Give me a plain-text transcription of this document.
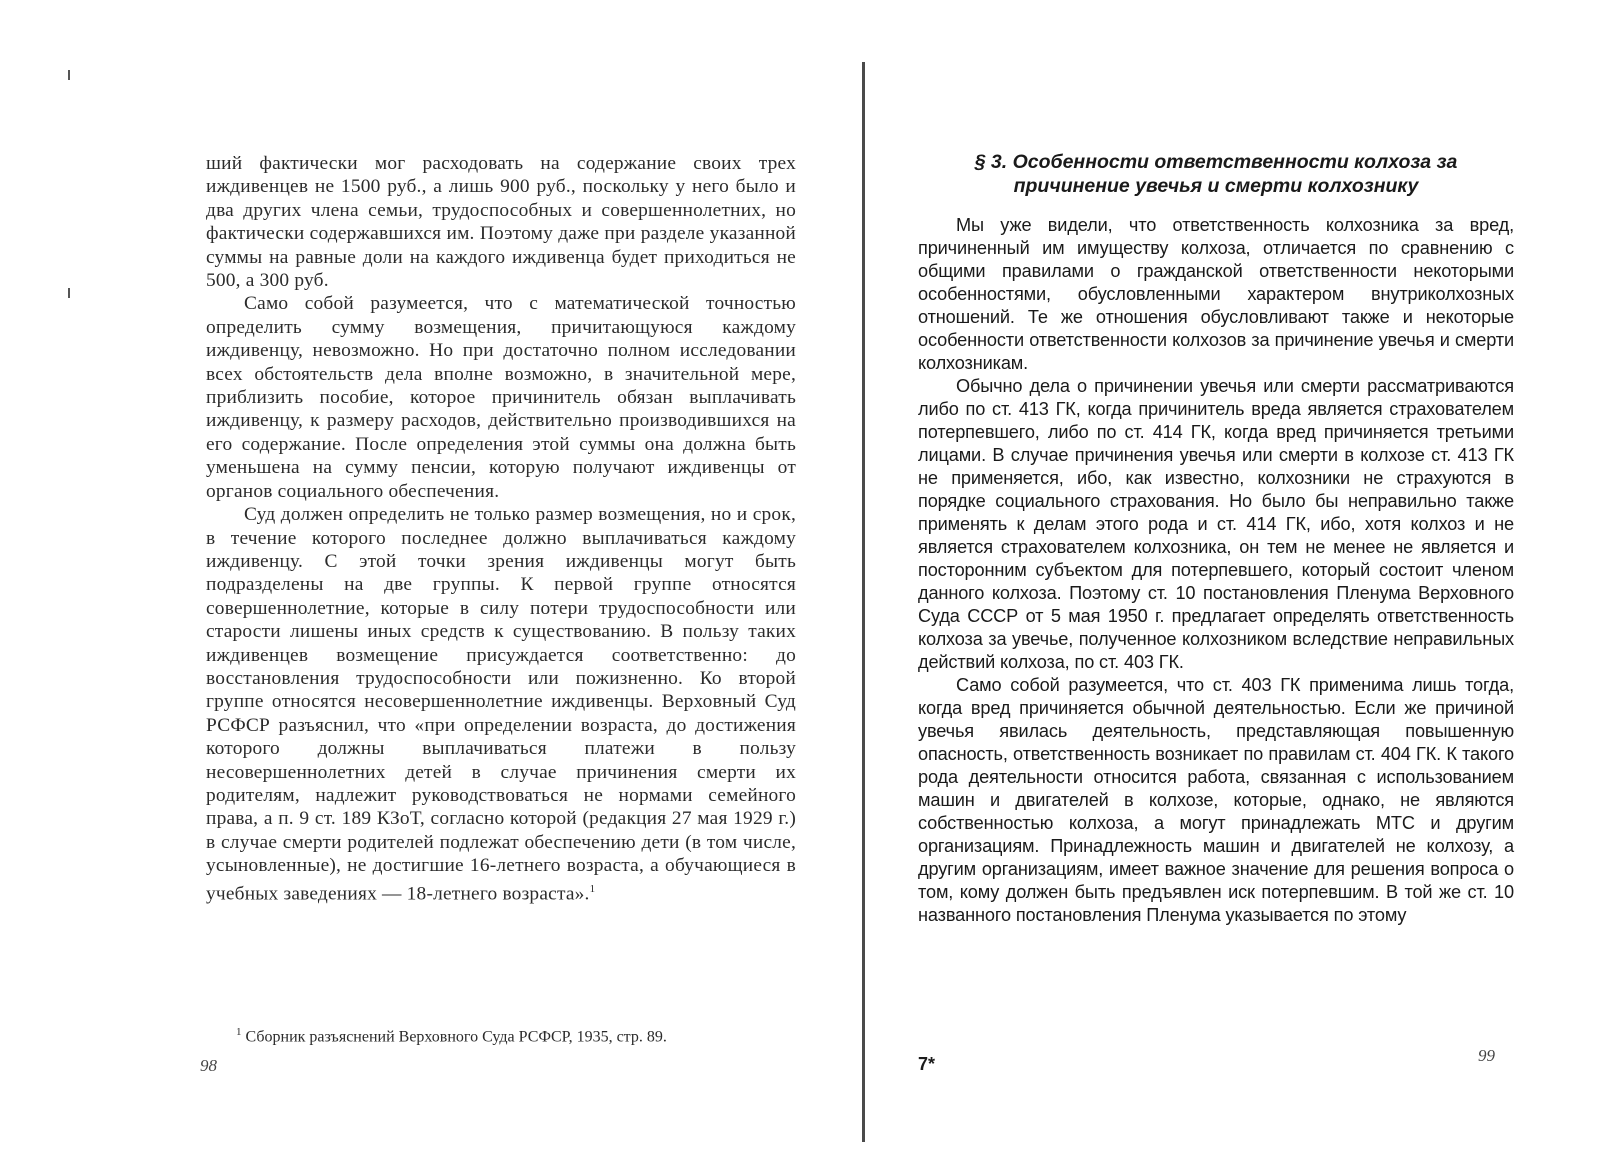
ший фактически мог расходовать на содержание своих трех иждивенцев не 1500 руб., а лишь 900 руб., поскольку у него было и два других члена семьи, трудоспособных и совершеннолетних, но фактически содержавшихся им. Поэтому даже при разделе указанной суммы на равные доли на каждого иждивенца будет приходиться не 500, а 300 руб.

Само собой разумеется, что с математической точностью определить сумму возмещения, причитающуюся каждому иждивенцу, невозможно. Но при достаточно полном исследовании всех обстоятельств дела вполне возможно, в значительной мере, приблизить пособие, которое причинитель обязан выплачивать иждивенцу, к размеру расходов, действительно производившихся на его содержание. После определения этой суммы она должна быть уменьшена на сумму пенсии, которую получают иждивенцы от органов социального обеспечения.

Суд должен определить не только размер возмещения, но и срок, в течение которого последнее должно выплачиваться каждому иждивенцу. С этой точки зрения иждивенцы могут быть подразделены на две группы. К первой группе относятся совершеннолетние, которые в силу потери трудоспособности или старости лишены иных средств к существованию. В пользу таких иждивенцев возмещение присуждается соответственно: до восстановления трудоспособности или пожизненно. Ко второй группе относятся несовершеннолетние иждивенцы. Верховный Суд РСФСР разъяснил, что «при определении возраста, до достижения которого должны выплачиваться платежи в пользу несовершеннолетних детей в случае причинения смерти их родителям, надлежит руководствоваться не нормами семейного права, а п. 9 ст. 189 КЗоТ, согласно которой (редакция 27 мая 1929 г.) в случае смерти родителей подлежат обеспечению дети (в том числе, усыновленные), не достигшие 16-летнего возраста, а обучающиеся в учебных заведениях — 18-летнего возраста».$^1$

$^1$ Сборник разъяснений Верховного Суда РСФСР, 1935, стр. 89.
98
§ 3. Особенности ответственности колхоза за причинение увечья и смерти колхознику

Мы уже видели, что ответственность колхозника за вред, причиненный им имуществу колхоза, отличается по сравнению с общими правилами о гражданской ответственности некоторыми особенностями, обусловленными характером внутриколхозных отношений. Те же отношения обусловливают также и некоторые особенности ответственности колхозов за причинение увечья и смерти колхозникам.

Обычно дела о причинении увечья или смерти рассматриваются либо по ст. 413 ГК, когда причинитель вреда является страхователем потерпевшего, либо по ст. 414 ГК, когда вред причиняется третьими лицами. В случае причинения увечья или смерти в колхозе ст. 413 ГК не применяется, ибо, как известно, колхозники не страхуются в порядке социального страхования. Но было бы неправильно также применять к делам этого рода и ст. 414 ГК, ибо, хотя колхоз и не является страхователем колхозника, он тем не менее не является и посторонним субъектом для потерпевшего, который состоит членом данного колхоза. Поэтому ст. 10 постановления Пленума Верховного Суда СССР от 5 мая 1950 г. предлагает определять ответственность колхоза за увечье, полученное колхозником вследствие неправильных действий колхоза, по ст. 403 ГК.

Само собой разумеется, что ст. 403 ГК применима лишь тогда, когда вред причиняется обычной деятельностью. Если же причиной увечья явилась деятельность, представляющая повышенную опасность, ответственность возникает по правилам ст. 404 ГК. К такого рода деятельности относится работа, связанная с использованием машин и двигателей в колхозе, которые, однако, не являются собственностью колхоза, а могут принадлежать МТС и другим организациям. Принадлежность машин и двигателей не колхозу, а другим организациям, имеет важное значение для решения вопроса о том, кому должен быть предъявлен иск потерпевшим. В той же ст. 10 названного постановления Пленума указывается по этому

7*	99
